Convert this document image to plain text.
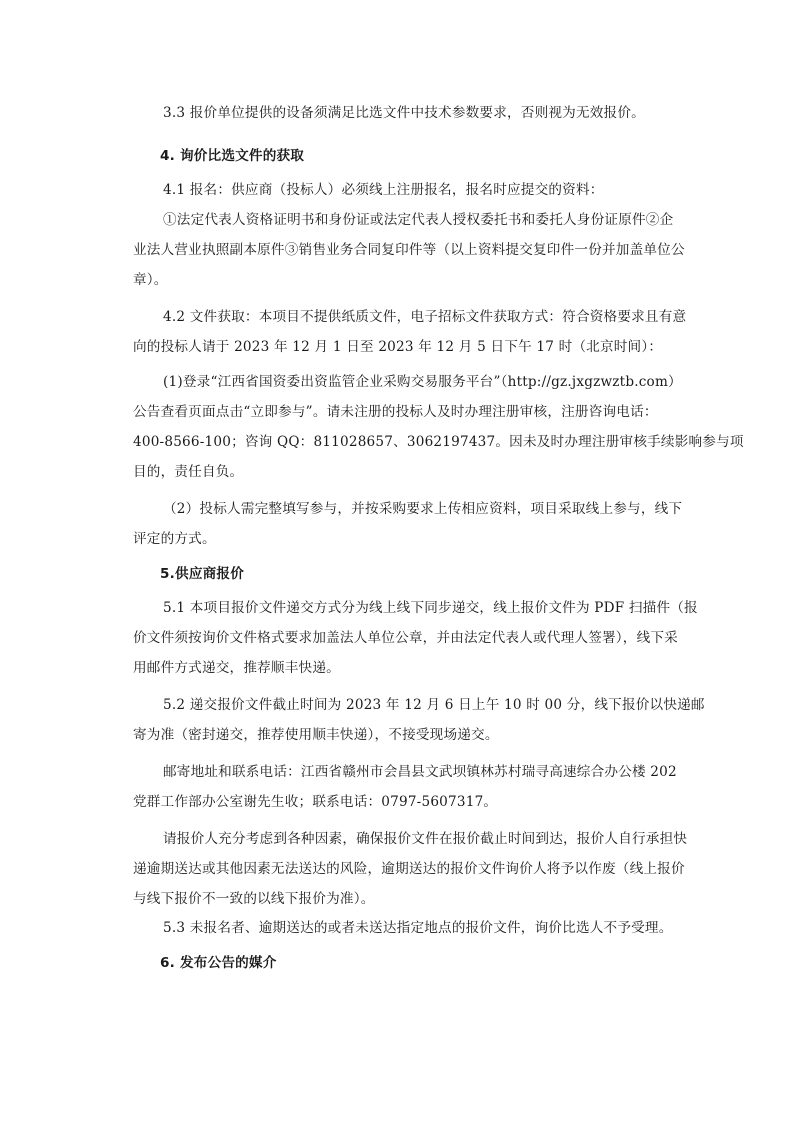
3.3 报价单位提供的设备须满足比选文件中技术参数要求，否则视为无效报价。
4. 询价比选文件的获取
4.1 报名：供应商（投标人）必须线上注册报名，报名时应提交的资料：
①法定代表人资格证明书和身份证或法定代表人授权委托书和委托人身份证原件②企
业法人营业执照副本原件③销售业务合同复印件等（以上资料提交复印件一份并加盖单位公
章）。
4.2 文件获取：本项目不提供纸质文件，电子招标文件获取方式：符合资格要求且有意
向的投标人请于 2023 年 12 月 1 日至 2023 年 12 月 5 日下午 17 时（北京时间）：
(1)登录“江西省国资委出资监管企业采购交易服务平台”（http://gz.jxgzwztb.com）
公告查看页面点击“立即参与”。请未注册的投标人及时办理注册审核，注册咨询电话：
400-8566-100；咨询 QQ：811028657、3062197437。因未及时办理注册审核手续影响参与项
目的，责任自负。
（2）投标人需完整填写参与，并按采购要求上传相应资料，项目采取线上参与，线下
评定的方式。
5.供应商报价
5.1 本项目报价文件递交方式分为线上线下同步递交，线上报价文件为 PDF 扫描件（报
价文件须按询价文件格式要求加盖法人单位公章，并由法定代表人或代理人签署），线下采
用邮件方式递交，推荐顺丰快递。
5.2 递交报价文件截止时间为 2023 年 12 月 6 日上午 10 时 00 分，线下报价以快递邮
寄为准（密封递交，推荐使用顺丰快递），不接受现场递交。
邮寄地址和联系电话：江西省赣州市会昌县文武坝镇林苏村瑞寻高速综合办公楼 202
党群工作部办公室谢先生收；联系电话：0797-5607317。
请报价人充分考虑到各种因素，确保报价文件在报价截止时间到达，报价人自行承担快
递逾期送达或其他因素无法送达的风险，逾期送达的报价文件询价人将予以作废（线上报价
与线下报价不一致的以线下报价为准）。
5.3 未报名者、逾期送达的或者未送达指定地点的报价文件，询价比选人不予受理。
6. 发布公告的媒介
